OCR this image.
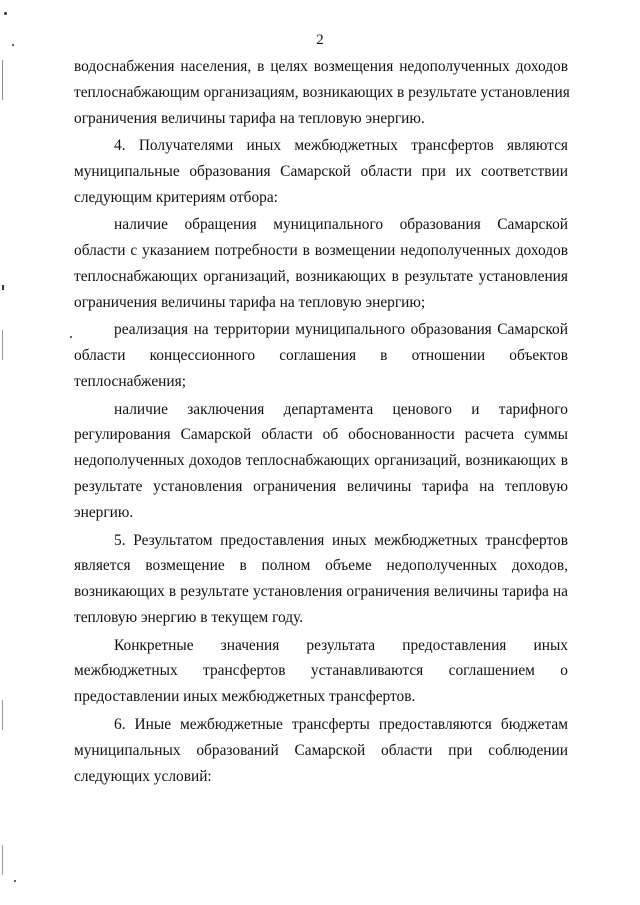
2
водоснабжения населения, в целях возмещения недополученных доходов
теплоснабжающим организациям, возникающих в результате установления
ограничения величины тарифа на тепловую энергию.
4. Получателями иных межбюджетных трансфертов являются
муниципальные образования Самарской области при их соответствии
следующим критериям отбора:
наличие обращения муниципального образования Самарской
области с указанием потребности в возмещении недополученных доходов
теплоснабжающих организаций, возникающих в результате установления
ограничения величины тарифа на тепловую энергию;
реализация на территории муниципального образования Самарской
области концессионного соглашения в отношении объектов
теплоснабжения;
наличие заключения департамента ценового и тарифного
регулирования Самарской области об обоснованности расчета суммы
недополученных доходов теплоснабжающих организаций, возникающих в
результате установления ограничения величины тарифа на тепловую
энергию.
5. Результатом предоставления иных межбюджетных трансфертов
является возмещение в полном объеме недополученных доходов,
возникающих в результате установления ограничения величины тарифа на
тепловую энергию в текущем году.
Конкретные значения результата предоставления иных
межбюджетных трансфертов устанавливаются соглашением о
предоставлении иных межбюджетных трансфертов.
6. Иные межбюджетные трансферты предоставляются бюджетам
муниципальных образований Самарской области при соблюдении
следующих условий:
